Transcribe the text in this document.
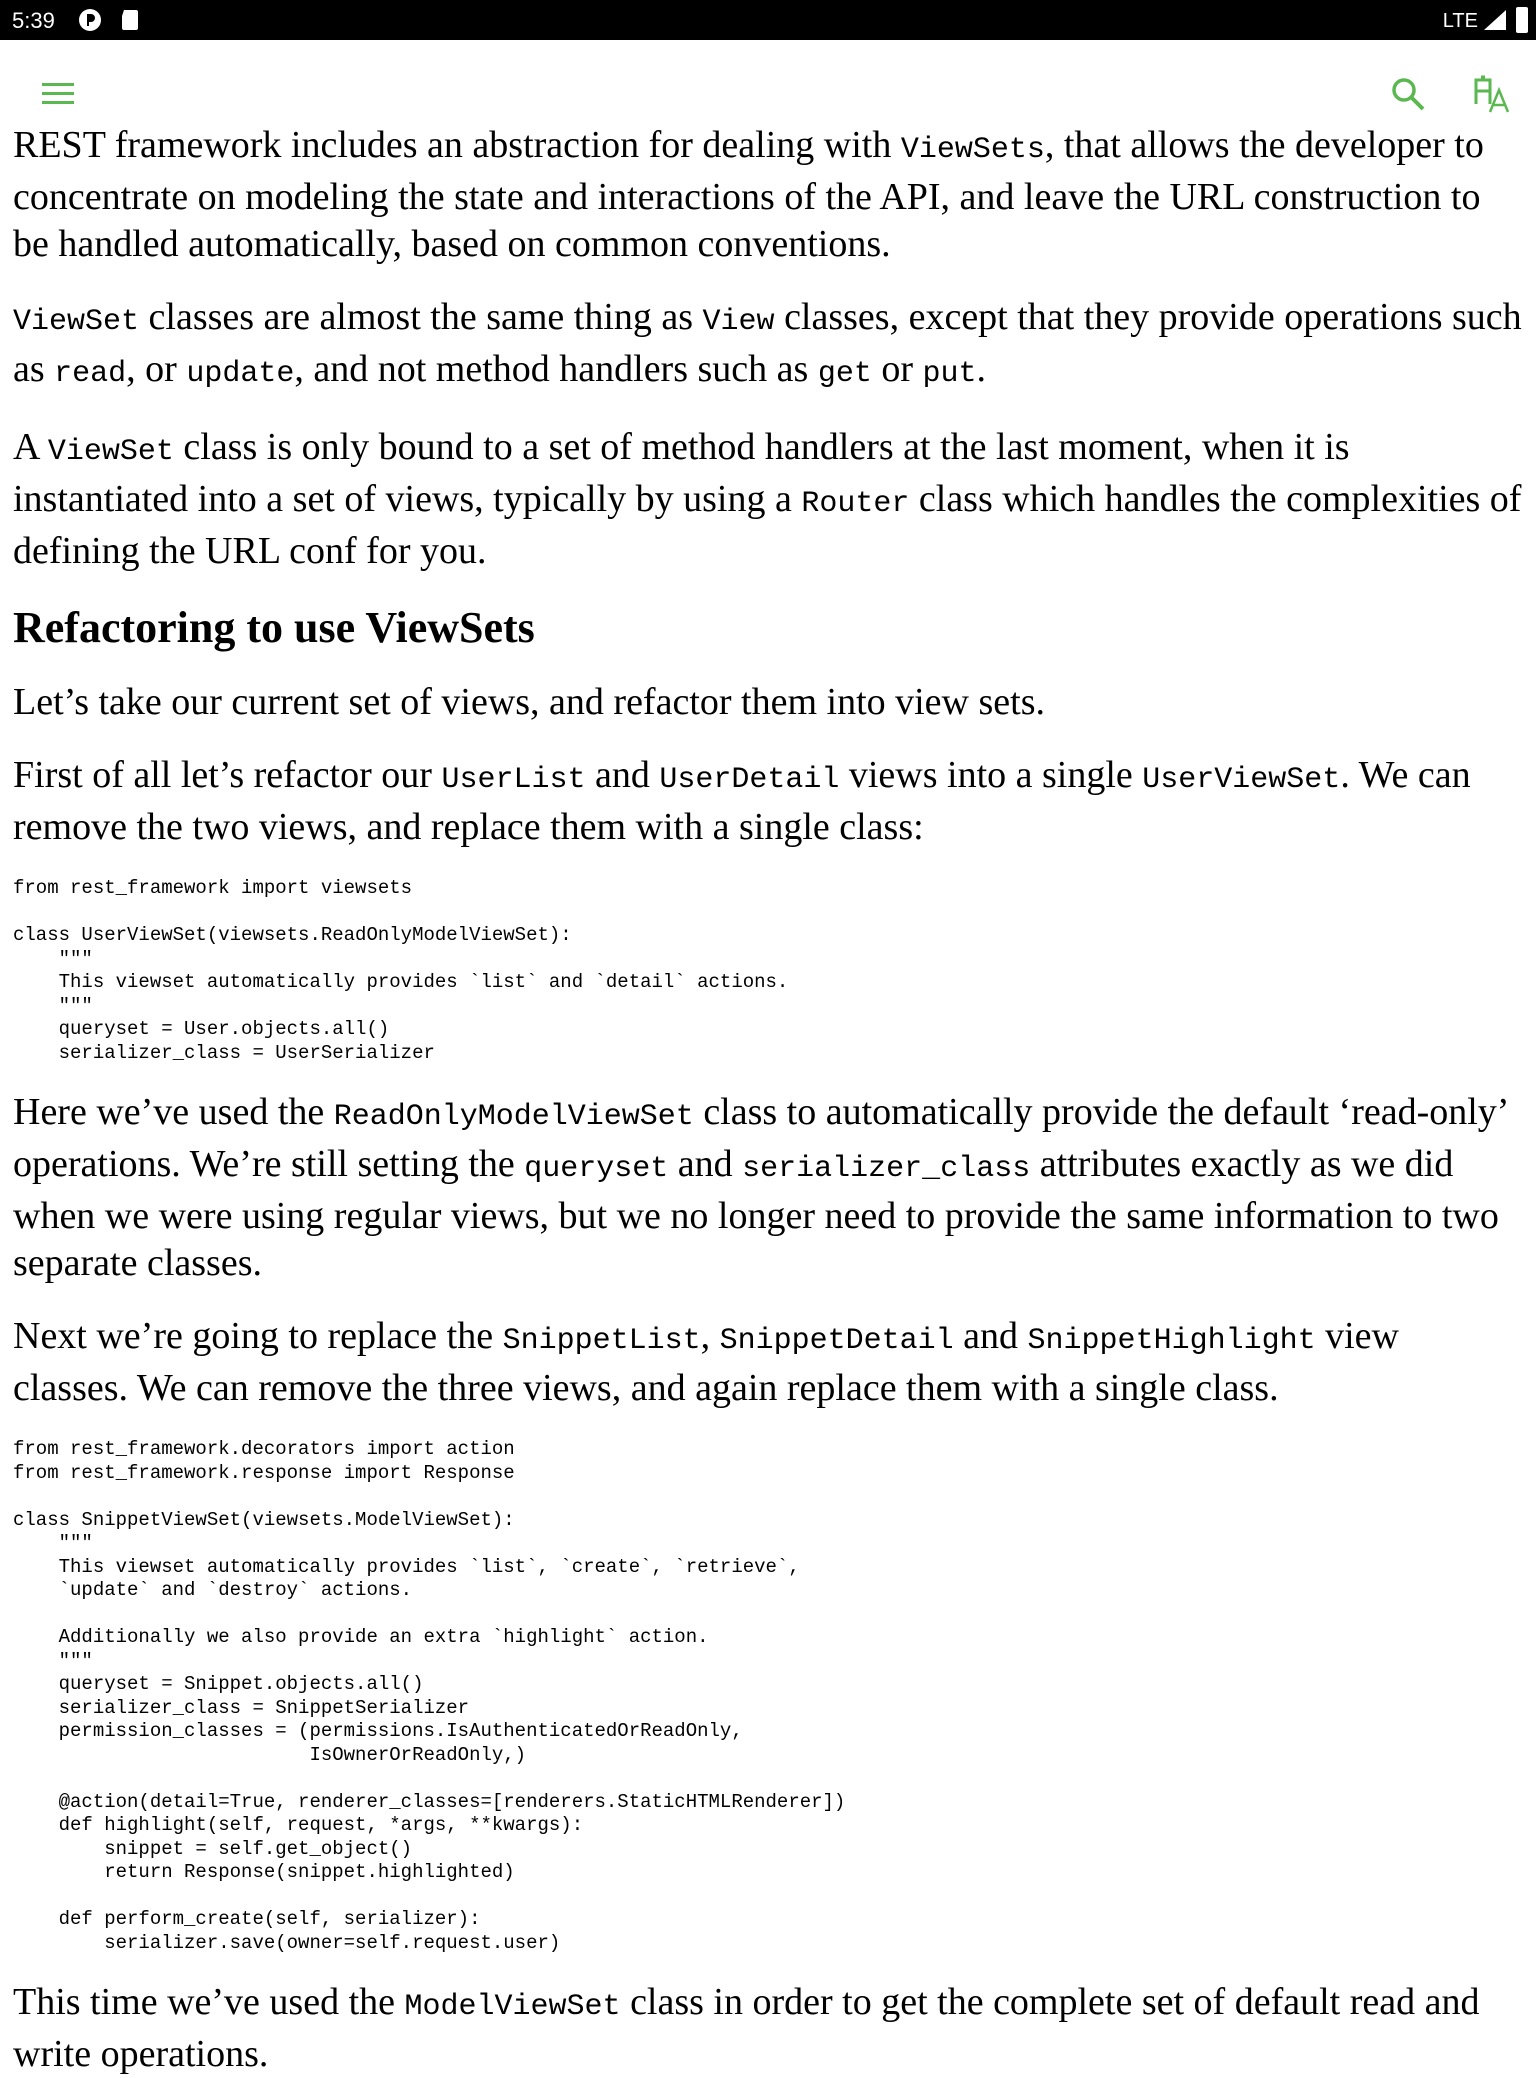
5:39	LTE

REST framework includes an abstraction for dealing with ViewSets, that allows the developer to concentrate on modeling the state and interactions of the API, and leave the URL construction to be handled automatically, based on common conventions.

ViewSet classes are almost the same thing as View classes, except that they provide operations such as read, or update, and not method handlers such as get or put.

A ViewSet class is only bound to a set of method handlers at the last moment, when it is instantiated into a set of views, typically by using a Router class which handles the complexities of defining the URL conf for you.

Refactoring to use ViewSets

Let’s take our current set of views, and refactor them into view sets.

First of all let’s refactor our UserList and UserDetail views into a single UserViewSet. We can remove the two views, and replace them with a single class:

from rest_framework import viewsets

class UserViewSet(viewsets.ReadOnlyModelViewSet):
"""
This viewset automatically provides `list` and `detail` actions.
"""
queryset = User.objects.all()
serializer_class = UserSerializer

Here we’ve used the ReadOnlyModelViewSet class to automatically provide the default ‘read-only’ operations. We’re still setting the queryset and serializer_class attributes exactly as we did when we were using regular views, but we no longer need to provide the same information to two separate classes.

Next we’re going to replace the SnippetList, SnippetDetail and SnippetHighlight view classes. We can remove the three views, and again replace them with a single class.

from rest_framework.decorators import action
from rest_framework.response import Response

class SnippetViewSet(viewsets.ModelViewSet):
"""
This viewset automatically provides `list`, `create`, `retrieve`,
`update` and `destroy` actions.

Additionally we also provide an extra `highlight` action.
"""
queryset = Snippet.objects.all()
serializer_class = SnippetSerializer
permission_classes = (permissions.IsAuthenticatedOrReadOnly,
IsOwnerOrReadOnly,)

@action(detail=True, renderer_classes=[renderers.StaticHTMLRenderer])
def highlight(self, request, *args, **kwargs):
snippet = self.get_object()
return Response(snippet.highlighted)

def perform_create(self, serializer):
serializer.save(owner=self.request.user)

This time we’ve used the ModelViewSet class in order to get the complete set of default read and write operations.
